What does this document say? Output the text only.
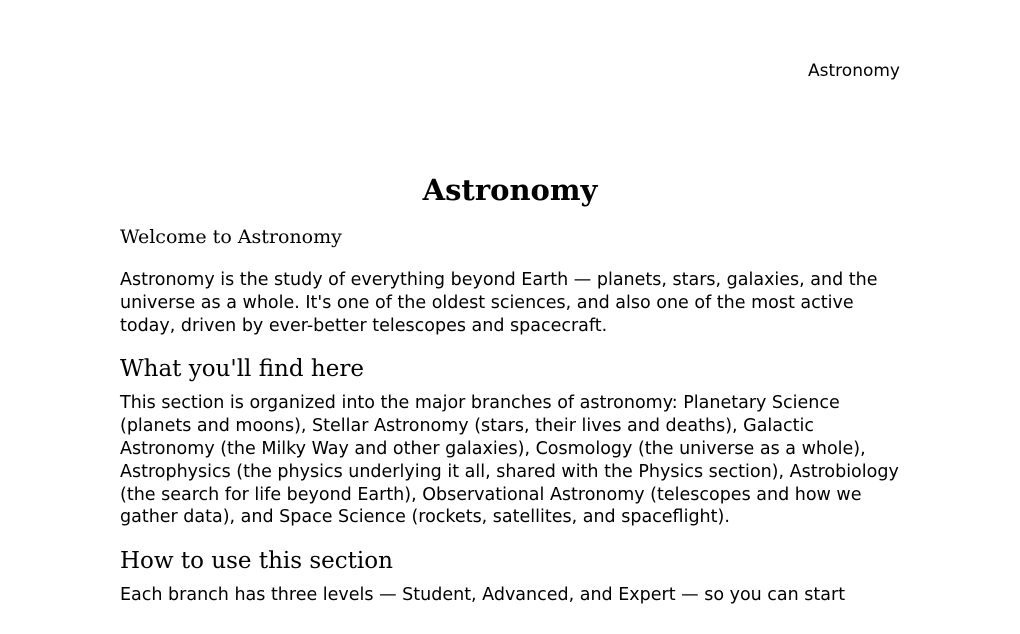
Astronomy
Astronomy
Welcome to Astronomy

Astronomy is the study of everything beyond Earth — planets, stars, galaxies, and the universe as a whole. It's one of the oldest sciences, and also one of the most active today, driven by ever-better telescopes and spacecraft.

What you'll find here

This section is organized into the major branches of astronomy: Planetary Science (planets and moons), Stellar Astronomy (stars, their lives and deaths), Galactic Astronomy (the Milky Way and other galaxies), Cosmology (the universe as a whole), Astrophysics (the physics underlying it all, shared with the Physics section), Astrobiology (the search for life beyond Earth), Observational Astronomy (telescopes and how we gather data), and Space Science (rockets, satellites, and spaceflight).

How to use this section

Each branch has three levels — Student, Advanced, and Expert — so you can start
